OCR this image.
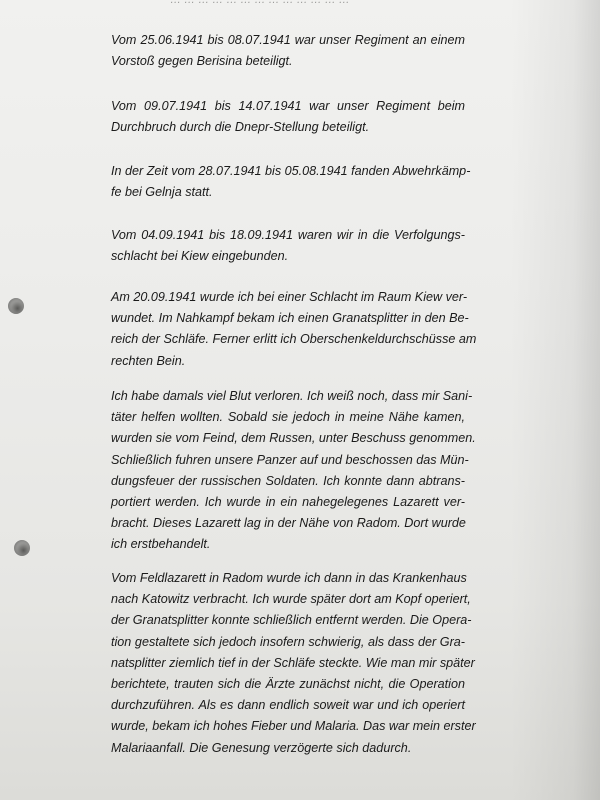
… … … … … … … … … … … … …
Vom 25.06.1941 bis 08.07.1941 war unser Regiment an einem
Vorstoß gegen Berisina beteiligt.
Vom 09.07.1941 bis 14.07.1941 war unser Regiment beim
Durchbruch durch die Dnepr-Stellung beteiligt.
In der Zeit vom 28.07.1941 bis 05.08.1941 fanden Abwehrkämp-
fe bei Gelnja statt.
Vom 04.09.1941 bis 18.09.1941 waren wir in die Verfolgungs-
schlacht bei Kiew eingebunden.
Am 20.09.1941 wurde ich bei einer Schlacht im Raum Kiew ver-
wundet. Im Nahkampf bekam ich einen Granatsplitter in den Be-
reich der Schläfe. Ferner erlitt ich Oberschenkeldurchschüsse am
rechten Bein.
Ich habe damals viel Blut verloren. Ich weiß noch, dass mir Sani-
täter helfen wollten. Sobald sie jedoch in meine Nähe kamen,
wurden sie vom Feind, dem Russen, unter Beschuss genommen.
Schließlich fuhren unsere Panzer auf und beschossen das Mün-
dungsfeuer der russischen Soldaten. Ich konnte dann abtrans-
portiert werden. Ich wurde in ein nahegelegenes Lazarett ver-
bracht. Dieses Lazarett lag in der Nähe von Radom. Dort wurde
ich erstbehandelt.
Vom Feldlazarett in Radom wurde ich dann in das Krankenhaus
nach Katowitz verbracht. Ich wurde später dort am Kopf operiert,
der Granatsplitter konnte schließlich entfernt werden. Die Opera-
tion gestaltete sich jedoch insofern schwierig, als dass der Gra-
natsplitter ziemlich tief in der Schläfe steckte. Wie man mir später
berichtete, trauten sich die Ärzte zunächst nicht, die Operation
durchzuführen. Als es dann endlich soweit war und ich operiert
wurde, bekam ich hohes Fieber und Malaria. Das war mein erster
Malariaanfall. Die Genesung verzögerte sich dadurch.
